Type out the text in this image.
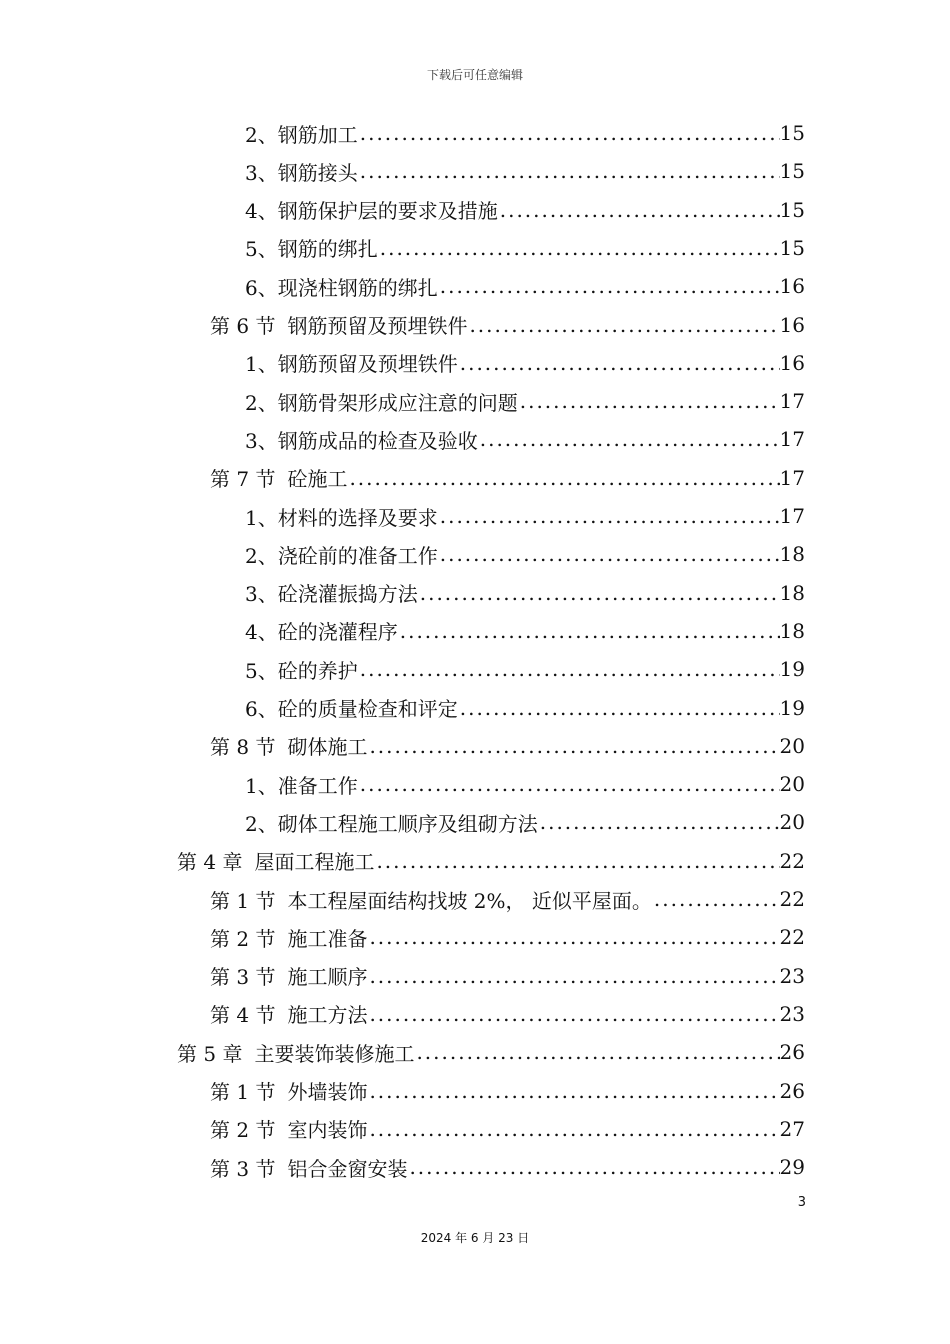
下载后可任意编辑
2、 钢筋加工 .....	15
3、 钢筋接头 .....	15
4、 钢筋保护层的要求及措施 .....	15
5、 钢筋的绑扎 .....	15
6、 现浇柱钢筋的绑扎 .....	16
第 6 节 钢筋预留及预埋铁件 .....	16
1、 钢筋预留及预埋铁件 .....	16
2、 钢筋骨架形成应注意的问题 .....	17
3、 钢筋成品的检查及验收 .....	17
第 7 节 砼施工 .....	17
1、 材料的选择及要求 .....	17
2、 浇砼前的准备工作 .....	18
3、 砼浇灌振捣方法 .....	18
4、 砼的浇灌程序 .....	18
5、 砼的养护 .....	19
6、 砼的质量检查和评定 .....	19
第 8 节 砌体施工 .....	20
1、 准备工作 .....	20
2、 砌体工程施工顺序及组砌方法 .....	20
第 4 章 屋面工程施工 .....	22
第 1 节 本工程屋面结构找坡 2%， 近似平屋面。 .....	22
第 2 节 施工准备 .....	22
第 3 节 施工顺序 .....	23
第 4 节 施工方法 .....	23
第 5 章 主要装饰装修施工 .....	26
第 1 节 外墙装饰 .....	26
第 2 节 室内装饰 .....	27
第 3 节 铝合金窗安装 .....	29
3
2024 年 6 月 23 日
